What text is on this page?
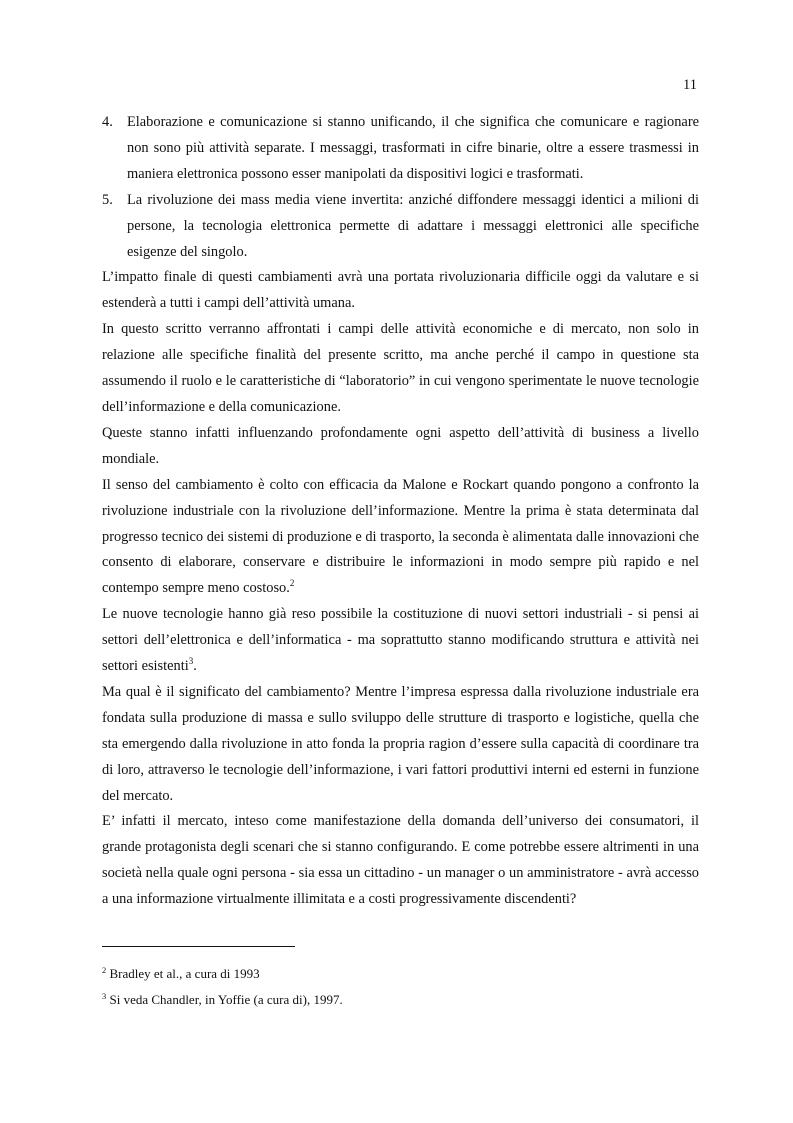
11
4. Elaborazione e comunicazione si stanno unificando, il che significa che comunicare e ragionare non sono più attività separate. I messaggi, trasformati in cifre binarie, oltre a essere trasmessi in maniera elettronica possono esser manipolati da dispositivi logici e trasformati.
5. La rivoluzione dei mass media viene invertita: anziché diffondere messaggi identici a milioni di persone, la tecnologia elettronica permette di adattare i messaggi elettronici alle specifiche esigenze del singolo.

L’impatto finale di questi cambiamenti avrà una portata rivoluzionaria difficile oggi da valutare e si estenderà a tutti i campi dell’attività umana.

In questo scritto verranno affrontati i campi delle attività economiche e di mercato, non solo in relazione alle specifiche finalità del presente scritto, ma anche perché il campo in questione sta assumendo il ruolo e le caratteristiche di “laboratorio” in cui vengono sperimentate le nuove tecnologie dell’informazione e della comunicazione.

Queste stanno infatti influenzando profondamente ogni aspetto dell’attività di business a livello mondiale.

Il senso del cambiamento è colto con efficacia da Malone e Rockart quando pongono a confronto la rivoluzione industriale con la rivoluzione dell’informazione. Mentre la prima è stata determinata dal progresso tecnico dei sistemi di produzione e di trasporto, la seconda è alimentata dalle innovazioni che consento di elaborare, conservare e distribuire le informazioni in modo sempre più rapido e nel contempo sempre meno costoso.$^2$

Le nuove tecnologie hanno già reso possibile la costituzione di nuovi settori industriali - si pensi ai settori dell’elettronica e dell’informatica - ma soprattutto stanno modificando struttura e attività nei settori esistenti$^3$.

Ma qual è il significato del cambiamento? Mentre l’impresa espressa dalla rivoluzione industriale era fondata sulla produzione di massa e sullo sviluppo delle strutture di trasporto e logistiche, quella che sta emergendo dalla rivoluzione in atto fonda la propria ragion d’essere sulla capacità di coordinare tra di loro, attraverso le tecnologie dell’informazione, i vari fattori produttivi interni ed esterni in funzione del mercato.

E’ infatti il mercato, inteso come manifestazione della domanda dell’universo dei consumatori, il grande protagonista degli scenari che si stanno configurando. E come potrebbe essere altrimenti in una società nella quale ogni persona - sia essa un cittadino - un manager o un amministratore - avrà accesso a una informazione virtualmente illimitata e a costi progressivamente discendenti?

$^2$ Bradley et al., a cura di 1993

$^3$ Si veda Chandler, in Yoffie (a cura di), 1997.
